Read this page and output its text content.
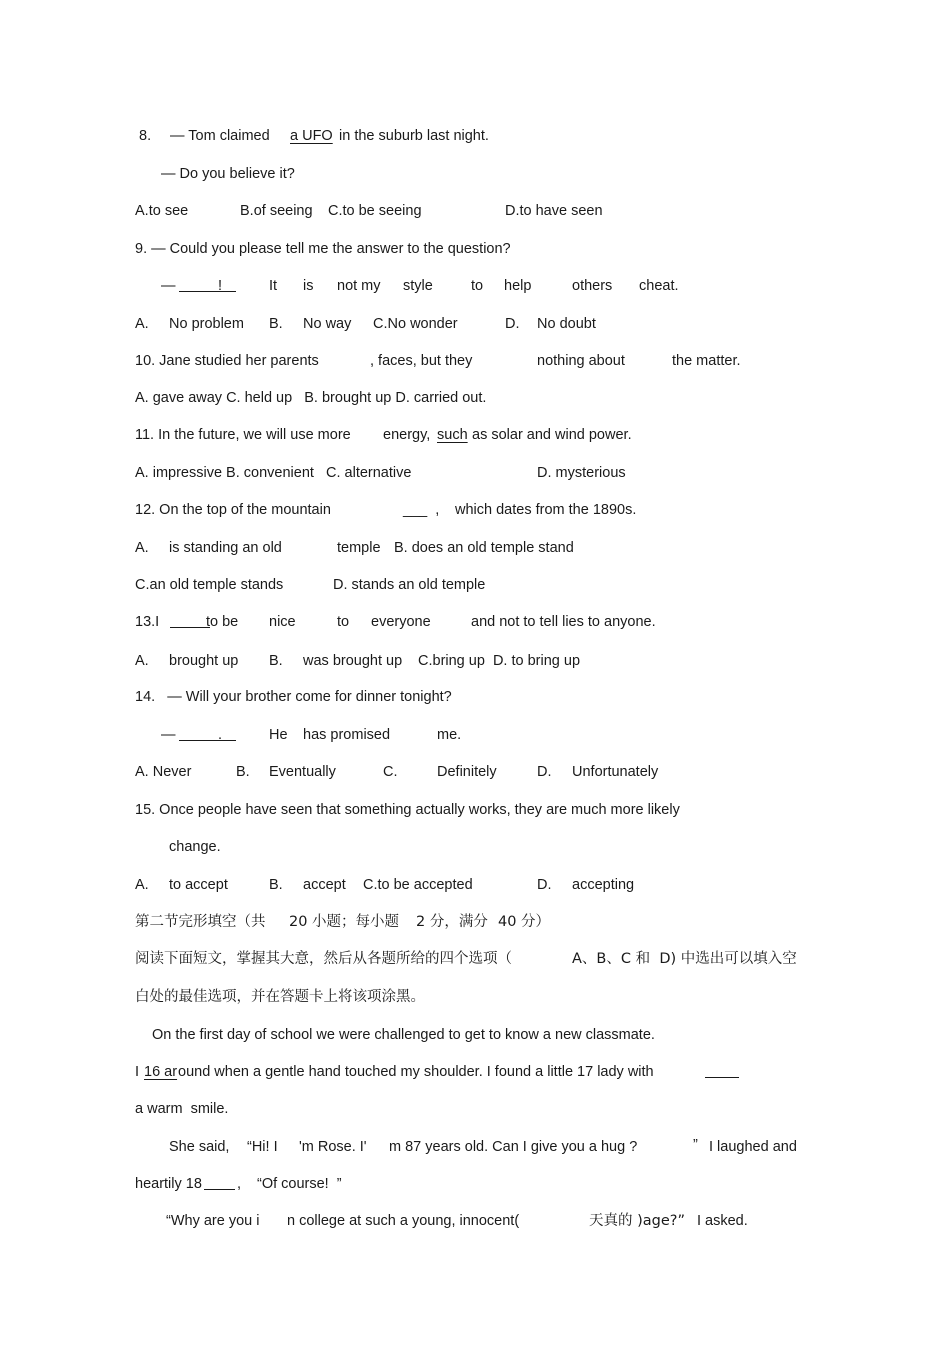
8. — Tom claimed a UFO in the suburb last night.
— Do you believe it?
A.to see	B.of seeing C.to be seeing	D.to have seen
9. — Could you please tell me the answer to the question?
—	!	It is not my style	to help	others cheat.
A. No problem B. No way C.No wonder	D. No doubt
10. Jane studied her parents	, faces, but they	nothing about	the matter.
A. gave away C. held up   B. brought up D. carried out.
11. In the future, we will use more energy, such as solar and wind power.
A. impressive B. convenient   C. alternative	D. mysterious
12. On the top of the mountain	___  , which dates from the 1890s.
A. is standing an old	temple B. does an old temple stand
C.an old temple stands	D. stands an old temple
13.I	to be nice	to everyone	and not to tell lies to anyone.
A. brought up B. was brought up C.bring up  D. to bring up
14.   — Will your brother come for dinner tonight?
—	.	He has promised	me.
A. Never	B. Eventually	C.	Definitely	D. Unfortunately
15. Once people have seen that something actually works, they are much more likely
change.
A. to accept	B. accept C.to be accepted	D. accepting
第二节完形填空（共 20 小题；每小题 2 分，满分 40 分）
阅读下面短文，掌握其大意，然后从各题所给的四个选项（	A、B、C 和  D) 中选出可以填入空
白处的最佳选项，并在答题卡上将该项涂黑。
On the first day of school we were challenged to get to know a new classmate.
I 16 ar ound when a gentle hand touched my shoulder. I found a little 17 lady with
a warm  smile.
She said, “Hi! I 'm Rose. I' m 87 years old. Can I give you a hug ?	” I laughed and
heartily 18 , “Of course!  ”
“Why are you i n college at such a young, innocent(	天真的 )age?” I asked.
